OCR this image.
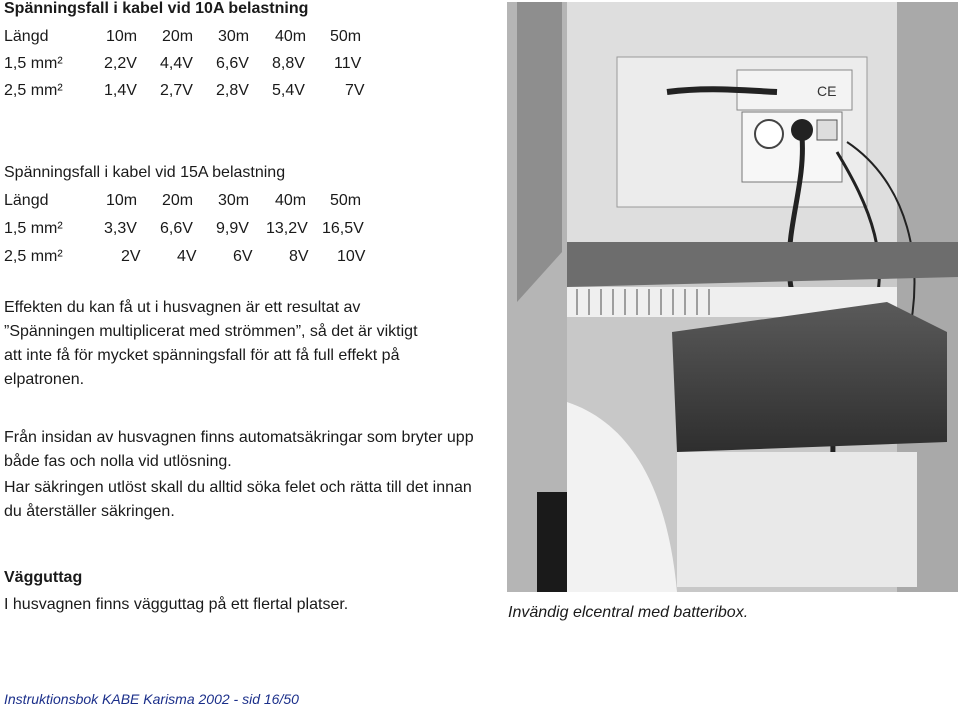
Spänningsfall i kabel vid 10A belastning
Längd	10m 20m 30m 40m 50m
1,5 mm²	2,2V 4,4V 6,6V 8,8V 11V
2,5 mm²	1,4V 2,7V 2,8V 5,4V	7V
Spänningsfall i kabel vid 15A belastning
Längd	10m 20m 30m 40m 50m
1,5 mm²	3,3V 6,6V 9,9V 13,2V 16,5V
2,5 mm²	2V 4V 6V 8V 10V
Effekten du kan få ut i husvagnen är ett resultat av ”Spänningen multiplicerat med strömmen”, så det är viktigt att inte få för mycket spänningsfall för att få full effekt på elpatronen.
Från insidan av husvagnen finns automatsäkringar som bryter upp både fas och nolla vid utlösning.
Har säkringen utlöst skall du alltid söka felet och rätta till det innan du återställer säkringen.
Vägguttag
I husvagnen finns vägguttag på ett flertal platser.
CE
Invändig elcentral med batteribox.
Instruktionsbok KABE Karisma 2002 - sid 16/50
